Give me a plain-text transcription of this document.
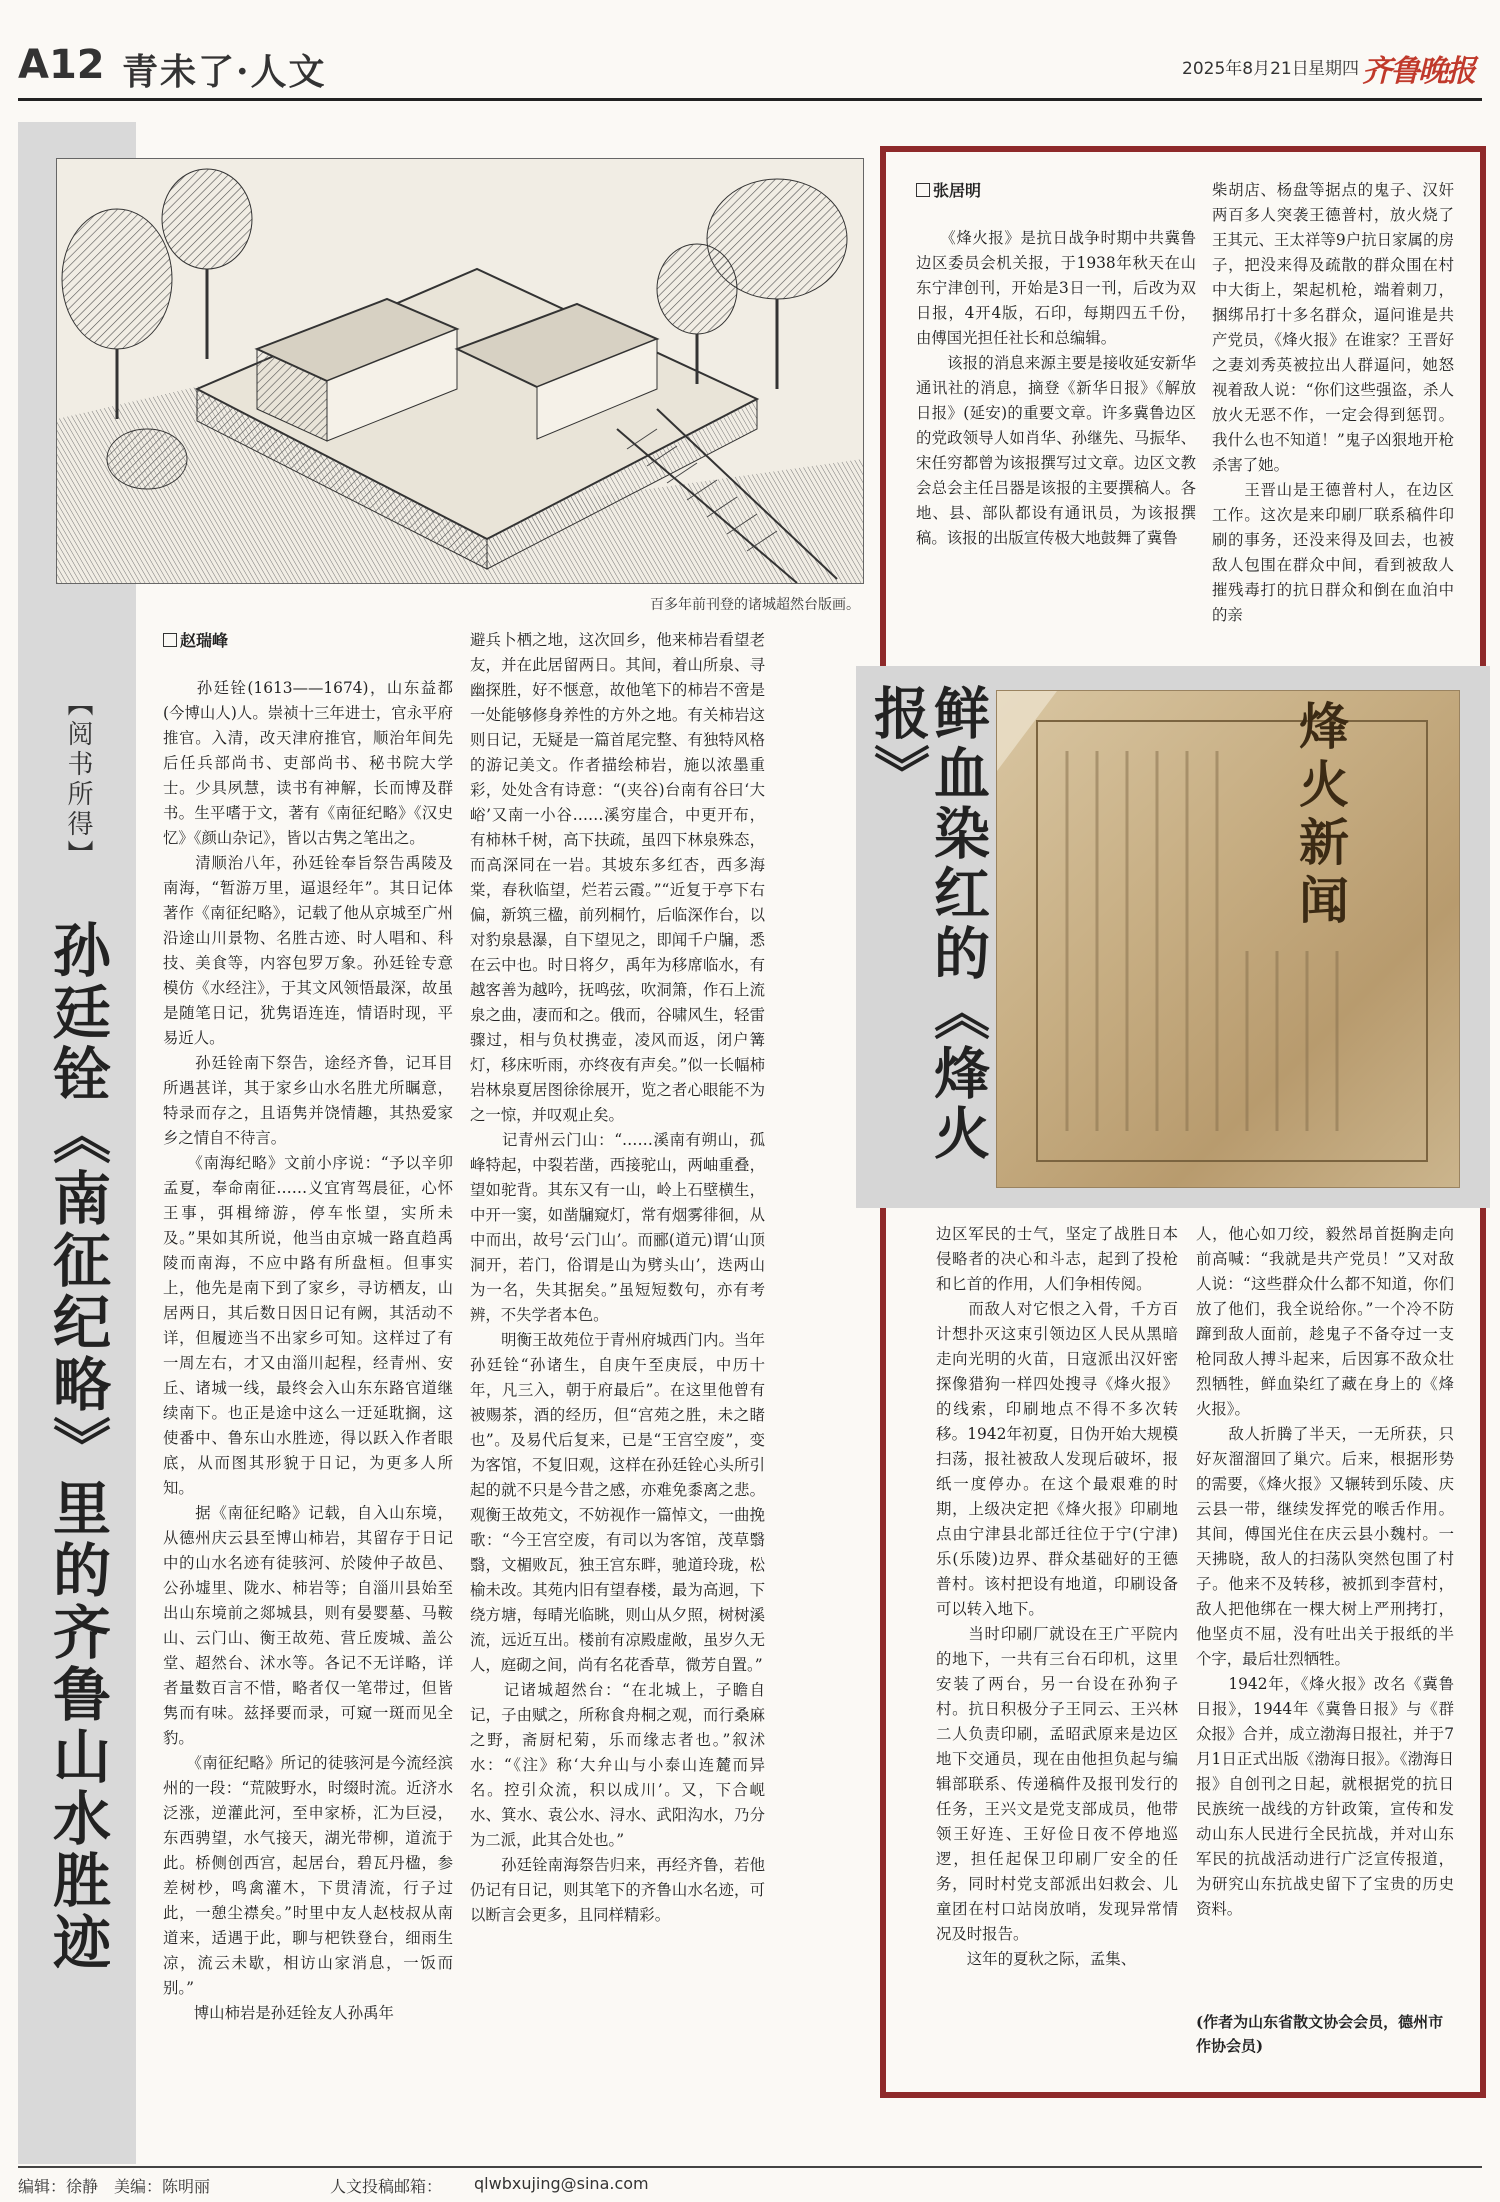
A12 青未了·人文	2025年8月21日 星期四 齐鲁晚报
【阅书所得】
孙廷铨《南征纪略》里的齐鲁山水胜迹
百多年前刊登的诸城超然台版画。
赵瑞峰
　　孙廷铨(1613——1674)，山东益都(今博山人)人。崇祯十三年进士，官永平府推官。入清，改天津府推官，顺治年间先后任兵部尚书、吏部尚书、秘书院大学士。少具夙慧，读书有神解，长而博及群书。生平嗜于文，著有《南征纪略》《汉史忆》《颜山杂记》，皆以古隽之笔出之。
　　清顺治八年，孙廷铨奉旨祭告禹陵及南海，“暂游万里，逼退经年”。其日记体著作《南征纪略》，记载了他从京城至广州沿途山川景物、名胜古迹、时人唱和、科技、美食等，内容包罗万象。孙廷铨专意模仿《水经注》，于其文风领悟最深，故虽是随笔日记，犹隽语连连，情语时现，平易近人。
　　孙廷铨南下祭告，途经齐鲁，记耳目所遇甚详，其于家乡山水名胜尤所瞩意，特录而存之，且语隽并饶情趣，其热爱家乡之情自不待言。
　　《南海纪略》文前小序说：“予以辛卯孟夏，奉命南征……义宜宵驾晨征，心怀王事，弭楫缔游，停车怅望，实所未及。”果如其所说，他当由京城一路直趋禹陵而南海，不应中路有所盘桓。但事实上，他先是南下到了家乡，寻访栖友，山居两日，其后数日因日记有阙，其活动不详，但履迹当不出家乡可知。这样过了有一周左右，才又由淄川起程，经青州、安丘、诸城一线，最终会入山东东路官道继续南下。也正是途中这么一迂延耽搁，这使番中、鲁东山水胜迹，得以跃入作者眼底，从而图其形貌于日记，为更多人所知。
　　据《南征纪略》记载，自入山东境，从德州庆云县至博山柿岩，其留存于日记中的山水名迹有徒骇河、於陵仲子故邑、公孙墟里、陇水、柿岩等；自淄川县始至出山东境前之郯城县，则有晏婴墓、马鞍山、云门山、衡王故苑、营丘废城、盖公堂、超然台、沭水等。各记不无详略，详者量数百言不惜，略者仅一笔带过，但皆隽而有味。兹择要而录，可窥一斑而见全豹。
　　《南征纪略》所记的徒骇河是今流经滨州的一段：“荒陂野水，时缀时流。近济水泛涨，逆灌此河，至申家桥，汇为巨浸，东西骋望，水气接天，湖光带柳，道流于此。桥侧创西宫，起居台，碧瓦丹楹，参差树杪，鸣禽灌木，下贯清流，行子过此，一憩尘襟矣。”时里中友人赵枝叔从南道来，适遇于此，聊与杷铁登台，细雨生凉，流云未歇，相访山家消息，一饭而别。”
　　博山柿岩是孙廷铨友人孙禹年
避兵卜栖之地，这次回乡，他来柿岩看望老友，并在此居留两日。其间，着山所泉、寻幽探胜，好不惬意，故他笔下的柿岩不啻是一处能够修身养性的方外之地。有关柿岩这则日记，无疑是一篇首尾完整、有独特风格的游记美文。作者描绘柿岩，施以浓墨重彩，处处含有诗意：“(夹谷)台南有谷曰‘大峪’又南一小谷……溪穷崖合，中更开布，有柿林千树，高下扶疏，虽四下林泉殊态，而高深同在一岩。其坡东多红杏，西多海棠，春秋临望，烂若云霞。”“近复于亭下右偏，新筑三楹，前列桐竹，后临深作台，以对豹泉悬瀑，自下望见之，即闻千户牖，悉在云中也。时日将夕，禹年为移席临水，有越客善为越吟，抚鸣弦，吹洞箫，作石上流泉之曲，凄而和之。俄而，谷啸风生，轻雷骤过，相与负杖携壶，凌风而返，闭户篝灯，移床听雨，亦终夜有声矣。”似一长幅柿岩林泉夏居图徐徐展开，览之者心眼能不为之一惊，并叹观止矣。
　　记青州云门山：“……溪南有朔山，孤峰特起，中裂若凿，西接驼山，两岫重叠，望如驼背。其东又有一山，岭上石壁横生，中开一窦，如凿牖窥灯，常有烟雾徘徊，从中而出，故号‘云门山’。而郦(道元)谓‘山顶洞开，若门，俗谓是山为劈头山’，迭两山为一名，失其据矣。”虽短短数句，亦有考辨，不失学者本色。
　　明衡王故苑位于青州府城西门内。当年孙廷铨“孙诸生，自庚午至庚辰，中历十年，凡三入，朝于府最后”。在这里他曾有被赐茶，酒的经历，但“宫苑之胜，未之睹也”。及易代后复来，已是“王宫空废”，变为客馆，不复旧观，这样在孙廷铨心头所引起的就不只是今昔之感，亦难免黍离之悲。观衡王故苑文，不妨视作一篇悼文，一曲挽歌：“今王宫空废，有司以为客馆，茂草翳翳，文楣败瓦，独王宫东畔，驰道玲珑，松榆未改。其苑内旧有望春楼，最为高迥，下绕方塘，每晴光临眺，则山从夕照，树树溪流，远近互出。楼前有凉殿虚敞，虽岁久无人，庭砌之间，尚有名花香草，微芳自置。”
　　记诸城超然台：“在北城上，子瞻自记，子由赋之，所称食舟桐之观，而行桑麻之野，斋厨杞菊，乐而缘志者也。”叙沭水：“《注》称‘大弁山与小泰山连麓而异名。控引众流，积以成川’。又，下合岘水、箕水、袁公水、浔水、武阳沟水，乃分为二派，此其合处也。”
　　孙廷铨南海祭告归来，再经齐鲁，若他仍记有日记，则其笔下的齐鲁山水名迹，可以断言会更多，且同样精彩。
鲜血染红的《烽火报》	烽火新闻
张居明
　　《烽火报》是抗日战争时期中共冀鲁边区委员会机关报，于1938年秋天在山东宁津创刊，开始是3日一刊，后改为双日报，4开4版，石印，每期四五千份，由傅国光担任社长和总编辑。
　　该报的消息来源主要是接收延安新华通讯社的消息，摘登《新华日报》《解放日报》(延安)的重要文章。许多冀鲁边区的党政领导人如肖华、孙继先、马振华、宋任穷都曾为该报撰写过文章。边区文教会总会主任吕器是该报的主要撰稿人。各地、县、部队都设有通讯员，为该报撰稿。该报的出版宣传极大地鼓舞了冀鲁
柴胡店、杨盘等据点的鬼子、汉奸两百多人突袭王德普村，放火烧了王其元、王太祥等9户抗日家属的房子，把没来得及疏散的群众围在村中大街上，架起机枪，端着刺刀，捆绑吊打十多名群众，逼问谁是共产党员，《烽火报》在谁家？王晋好之妻刘秀英被拉出人群逼问，她怒视着敌人说：“你们这些强盗，杀人放火无恶不作，一定会得到惩罚。我什么也不知道！”鬼子凶狠地开枪杀害了她。
　　王晋山是王德普村人，在边区工作。这次是来印刷厂联系稿件印刷的事务，还没来得及回去，也被敌人包围在群众中间，看到被敌人摧残毒打的抗日群众和倒在血泊中的亲
边区军民的士气，坚定了战胜日本侵略者的决心和斗志，起到了投枪和匕首的作用，人们争相传阅。
　　而敌人对它恨之入骨，千方百计想扑灭这束引领边区人民从黑暗走向光明的火苗，日寇派出汉奸密探像猎狗一样四处搜寻《烽火报》的线索，印刷地点不得不多次转移。1942年初夏，日伪开始大规模扫荡，报社被敌人发现后破坏，报纸一度停办。在这个最艰难的时期，上级决定把《烽火报》印刷地点由宁津县北部迁往位于宁(宁津)乐(乐陵)边界、群众基础好的王德普村。该村把设有地道，印刷设备可以转入地下。
　　当时印刷厂就设在王广平院内的地下，一共有三台石印机，这里安装了两台，另一台设在孙狗子村。抗日积极分子王同云、王兴林二人负责印刷，孟昭武原来是边区地下交通员，现在由他担负起与编辑部联系、传递稿件及报刊发行的任务，王兴文是党支部成员，他带领王好连、王好俭日夜不停地巡逻，担任起保卫印刷厂安全的任务，同时村党支部派出妇救会、儿童团在村口站岗放哨，发现异常情况及时报告。
　　这年的夏秋之际，孟集、
人，他心如刀绞，毅然昂首挺胸走向前高喊：“我就是共产党员！”又对敌人说：“这些群众什么都不知道，你们放了他们，我全说给你。”一个冷不防蹿到敌人面前，趁鬼子不备夺过一支枪同敌人搏斗起来，后因寡不敌众壮烈牺牲，鲜血染红了藏在身上的《烽火报》。
　　敌人折腾了半天，一无所获，只好灰溜溜回了巢穴。后来，根据形势的需要，《烽火报》又辗转到乐陵、庆云县一带，继续发挥党的喉舌作用。其间，傅国光住在庆云县小魏村。一天拂晓，敌人的扫荡队突然包围了村子。他来不及转移，被抓到李营村，敌人把他绑在一棵大树上严刑拷打，他坚贞不屈，没有吐出关于报纸的半个字，最后壮烈牺牲。
　　1942年，《烽火报》改名《冀鲁日报》，1944年《冀鲁日报》与《群众报》合并，成立渤海日报社，并于7月1日正式出版《渤海日报》。《渤海日报》自创刊之日起，就根据党的抗日民族统一战线的方针政策，宣传和发动山东人民进行全民抗战，并对山东军民的抗战活动进行广泛宣传报道，为研究山东抗战史留下了宝贵的历史资料。
(作者为山东省散文协会会员，德州市作协会员)
编辑：徐静　美编：陈明丽	人文投稿邮箱： qlwbxujing@sina.com
